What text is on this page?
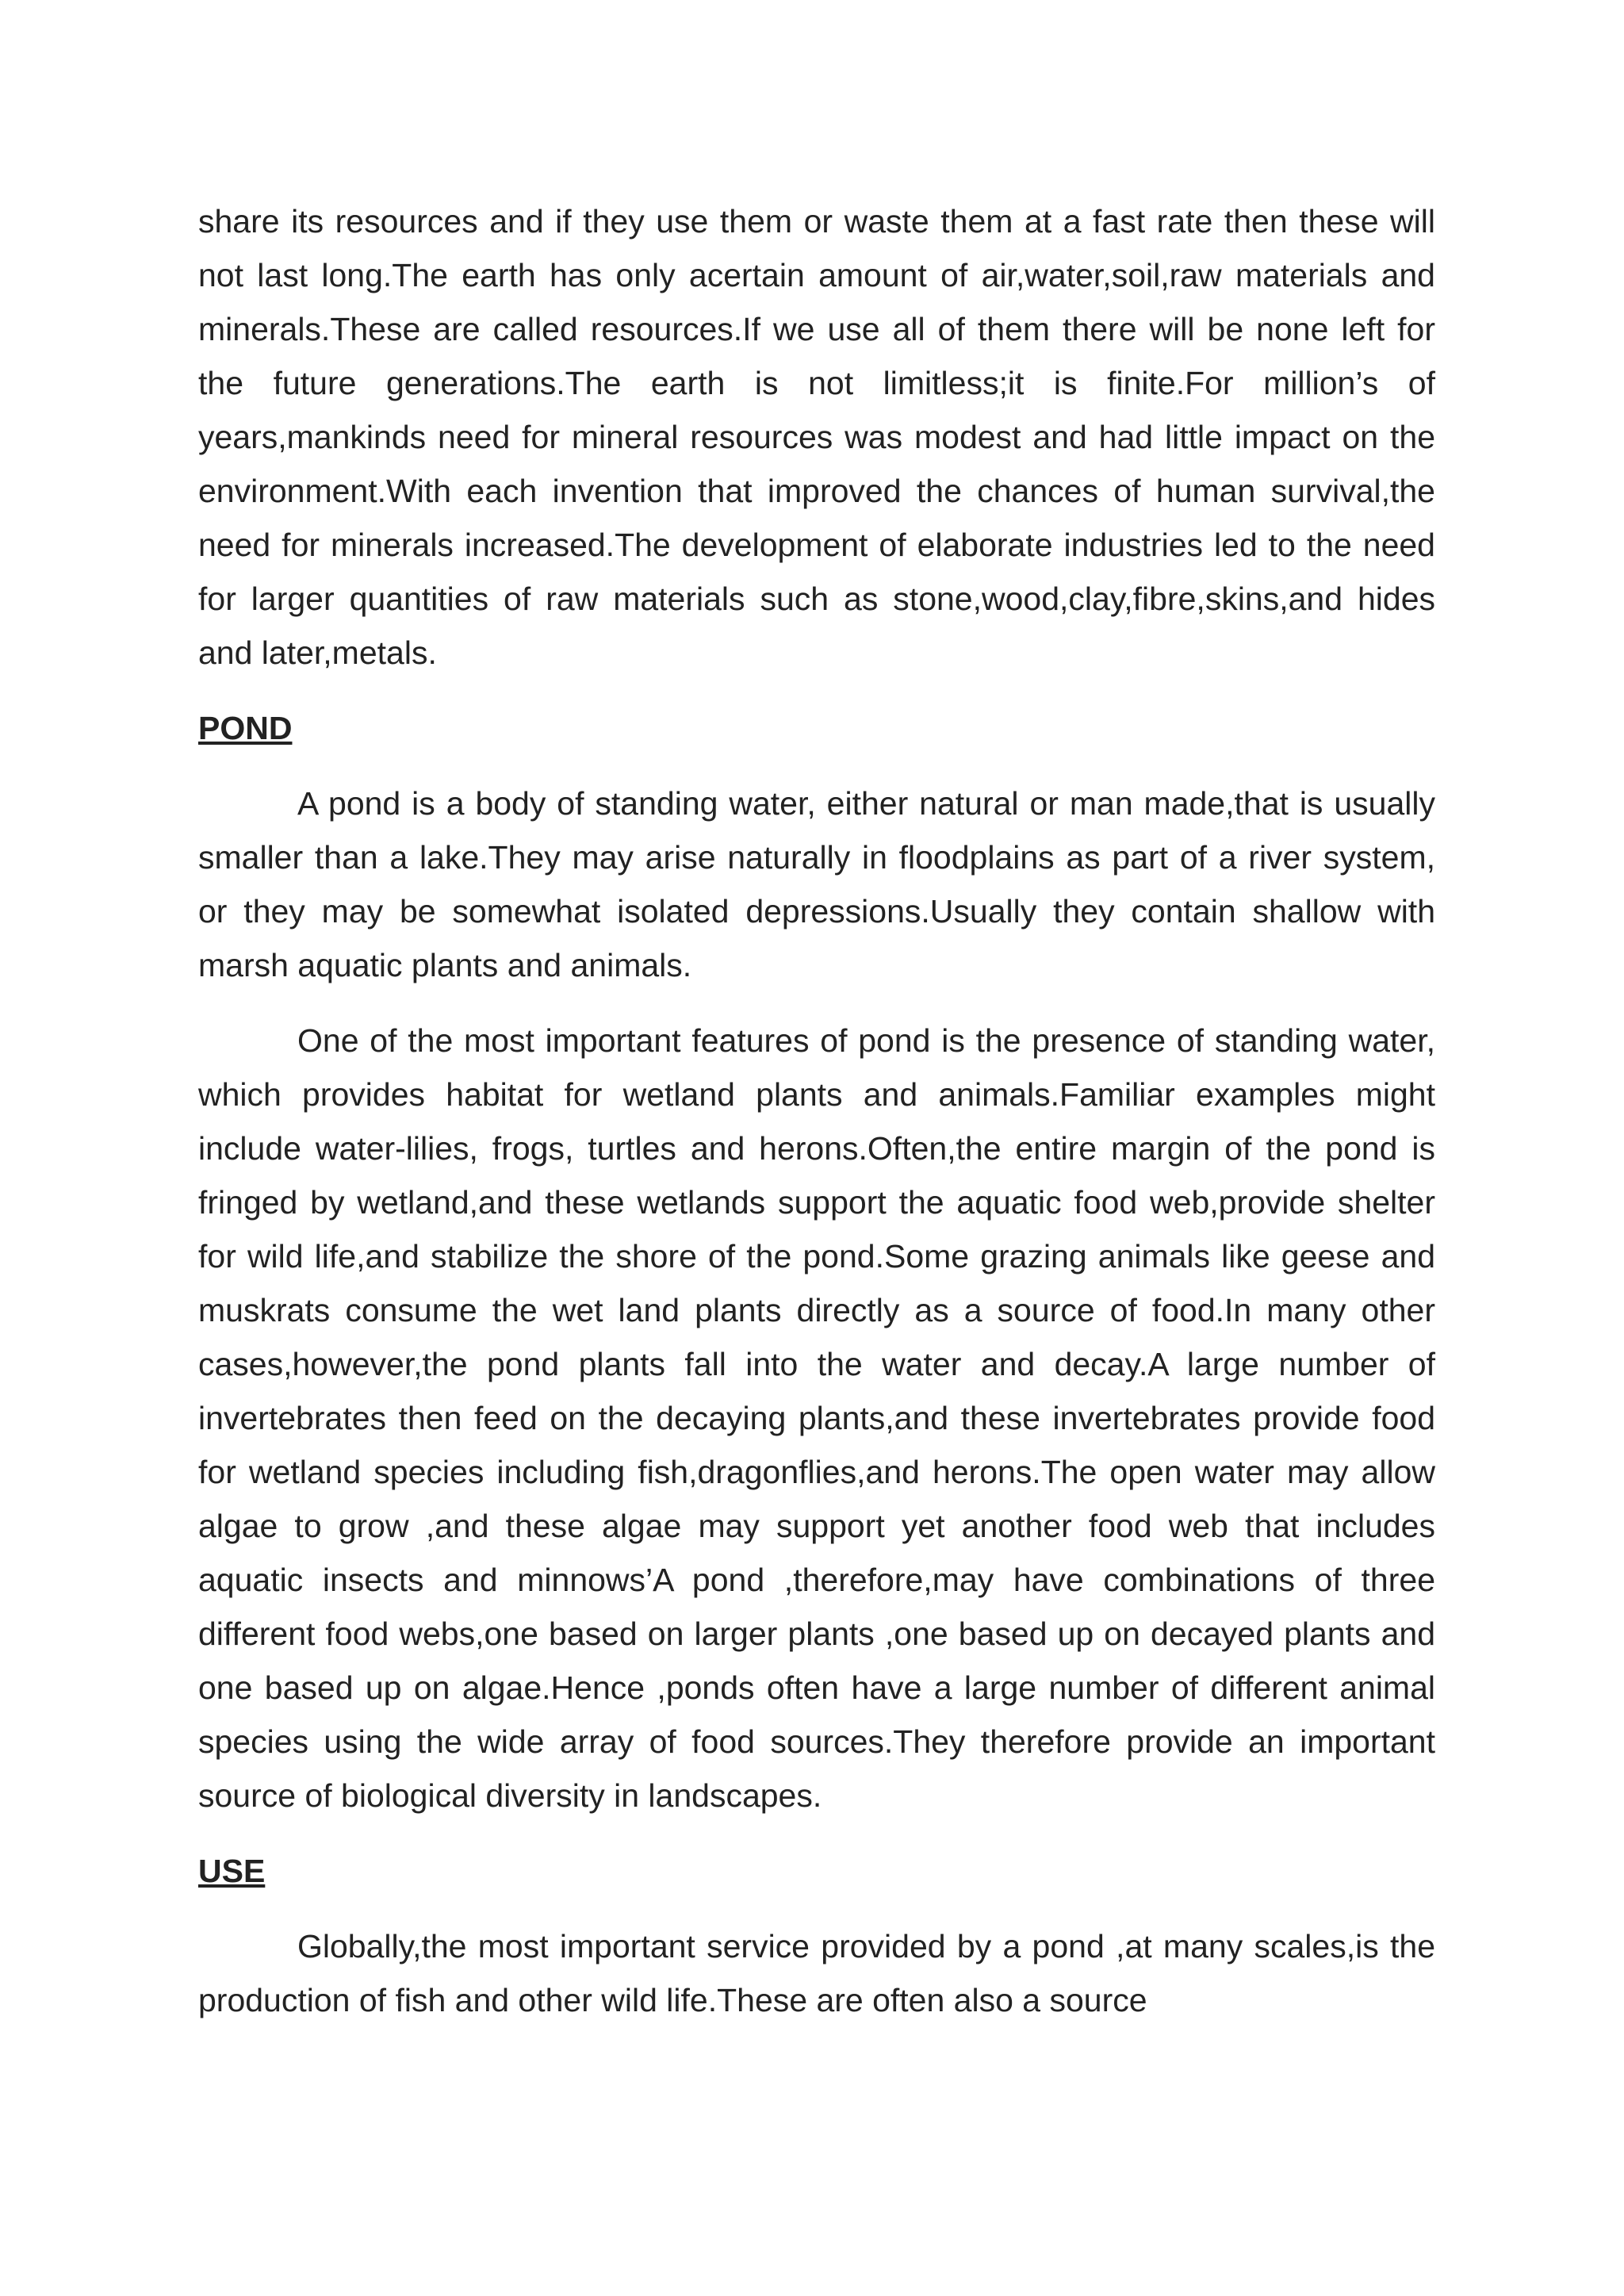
share its resources and if they use them or waste them at a fast rate then these will not last long.The earth has only acertain amount of air,water,soil,raw materials and minerals.These are called resources.If we use all of them there will be none left for the future generations.The earth is not limitless;it is finite.For million’s of years,mankinds need for mineral resources was modest and had little impact on the environment.With each invention that improved the chances of human survival,the need for minerals increased.The development of elaborate industries led to the need for larger quantities of raw materials such as stone,wood,clay,fibre,skins,and hides and later,metals.

POND

A pond is a body of standing water, either natural or man made,that is usually smaller than a lake.They may arise naturally in floodplains as part of a river system, or they may be somewhat isolated depressions.Usually they contain shallow with marsh aquatic plants and animals.

One of the most important features of pond is the presence of standing water, which provides habitat for wetland plants and animals.Familiar examples might include water-lilies, frogs, turtles and herons.Often,the entire margin of the pond is fringed by wetland,and these wetlands support the aquatic food web,provide shelter for wild life,and stabilize the shore of the pond.Some grazing animals like geese and muskrats consume the wet land plants directly as a source of food.In many other cases,however,the pond plants fall into the water and decay.A large number of invertebrates then feed on the decaying plants,and these invertebrates provide food for wetland species including fish,dragonflies,and herons.The open water may allow algae to grow ,and these algae may support yet another food web that includes aquatic insects and minnows’A pond ,therefore,may have combinations of three different food webs,one based on larger plants ,one based up on decayed plants and one based up on algae.Hence ,ponds often have a large number of different animal species using the wide array of food sources.They therefore provide an important source of biological diversity in landscapes.

USE

Globally,the most important service provided by a pond ,at many scales,is the production of fish and other wild life.These are often also a source
